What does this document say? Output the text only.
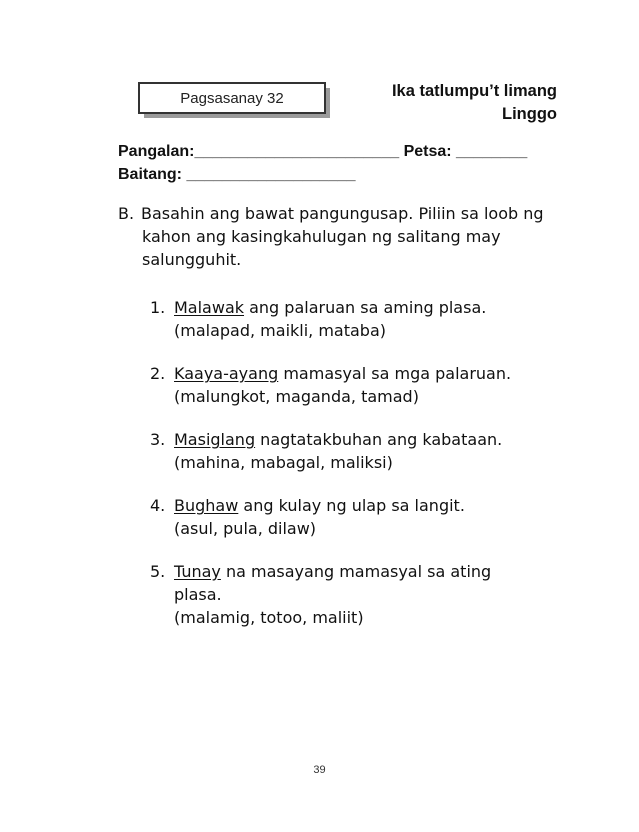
Pagsasanay 32	Ika tatlumpu’t limang
Linggo
Pangalan:_______________________ Petsa: ________
Baitang: ___________________
B. Basahin ang bawat pangungusap. Piliin sa loob ng kahon ang kasingkahulugan ng salitang may salungguhit.
1. Malawak ang palaruan sa aming plasa.
(malapad, maikli, mataba)
2. Kaaya-ayang mamasyal sa mga palaruan.
(malungkot, maganda, tamad)
3. Masiglang nagtatakbuhan ang kabataan.
(mahina, mabagal, maliksi)
4. Bughaw ang kulay ng ulap sa langit.
(asul, pula, dilaw)
5. Tunay na masayang mamasyal sa ating plasa.
(malamig, totoo, maliit)
39
